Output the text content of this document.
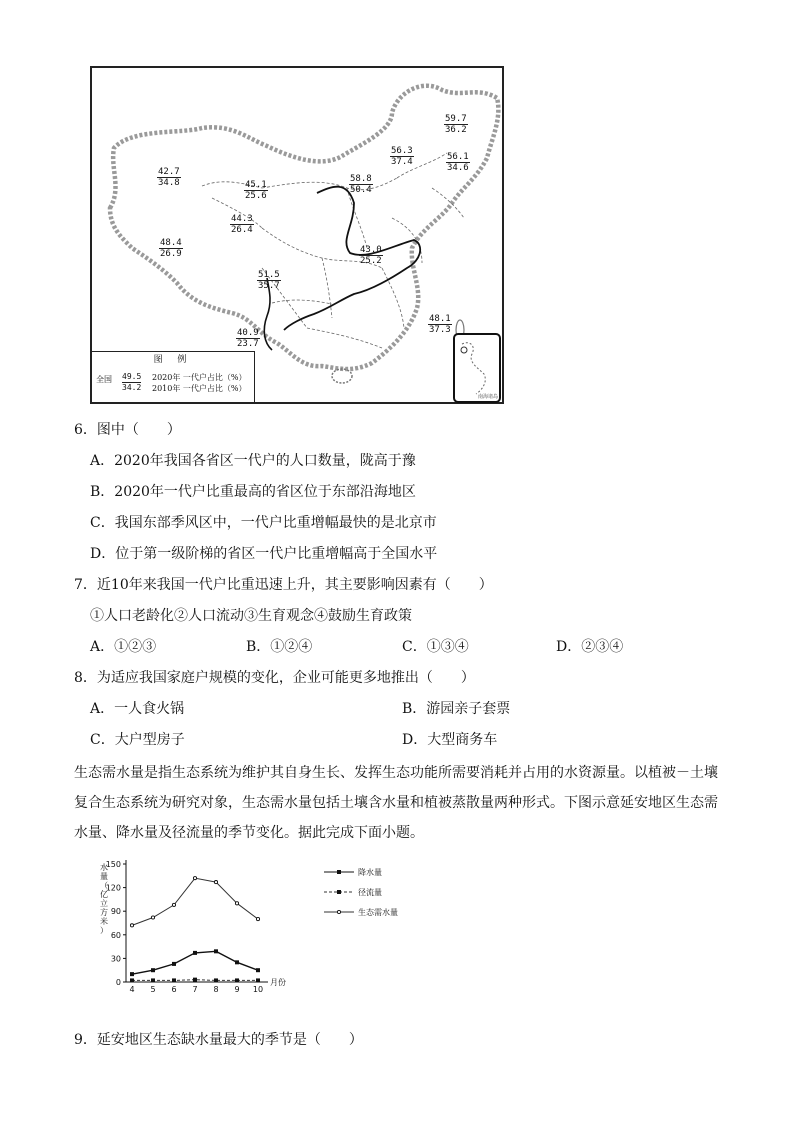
59.7
36.2
56.1
34.6
56.3
37.4
58.8
50.4
42.7
34.8	45.1
25.6
44.3
26.4
48.4
26.9	43.0
25.2
51.5
35.7
40.9
23.7
48.1
37.3
图 例
全国 49.5
34.2
2020年 一代户占比（%）
2010年 一代户占比（%）
南海诸岛
6．图中（　　）
A．2020年我国各省区一代户的人口数量，陇高于豫
B．2020年一代户比重最高的省区位于东部沿海地区
C．我国东部季风区中，一代户比重增幅最快的是北京市
D．位于第一级阶梯的省区一代户比重增幅高于全国水平
7．近10年来我国一代户比重迅速上升，其主要影响因素有（　　）
①人口老龄化②人口流动③生育观念④鼓励生育政策
A．①②③	B．①②④	C．①③④	D．②③④
8．为适应我国家庭户规模的变化，企业可能更多地推出（　　）
A．一人食火锅	B．游园亲子套票
C．大户型房子	D．大型商务车
生态需水量是指生态系统为维护其自身生长、发挥生态功能所需要消耗并占用的水资源量。以植被－土壤复合生态系统为研究对象，生态需水量包括土壤含水量和植被蒸散量两种形式。下图示意延安地区生态需水量、降水量及径流量的季节变化。据此完成下面小题。
0
30
60
90
120
150
4 5 6 7 8 9 10
月份
水
量
（
亿
立
方
米
）
降水量
径流量
生态需水量
9．延安地区生态缺水量最大的季节是（　　）
